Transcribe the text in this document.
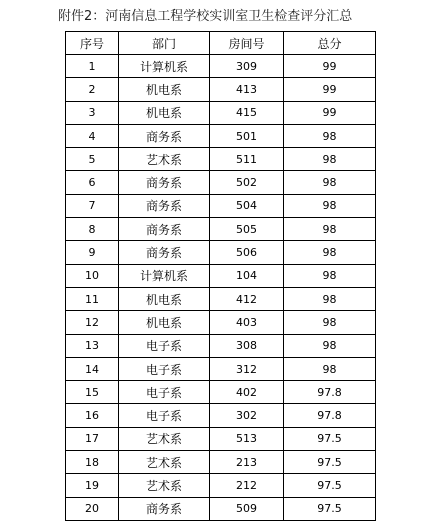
附件2：河南信息工程学校实训室卫生检查评分汇总
序号	部门	房间号	总分
1	计算机系	309	99
2	机电系	413	99
3	机电系	415	99
4	商务系	501	98
5	艺术系	511	98
6	商务系	502	98
7	商务系	504	98
8	商务系	505	98
9	商务系	506	98
10	计算机系	104	98
11	机电系	412	98
12	机电系	403	98
13	电子系	308	98
14	电子系	312	98
15	电子系	402	97.8
16	电子系	302	97.8
17	艺术系	513	97.5
18	艺术系	213	97.5
19	艺术系	212	97.5
20	商务系	509	97.5
